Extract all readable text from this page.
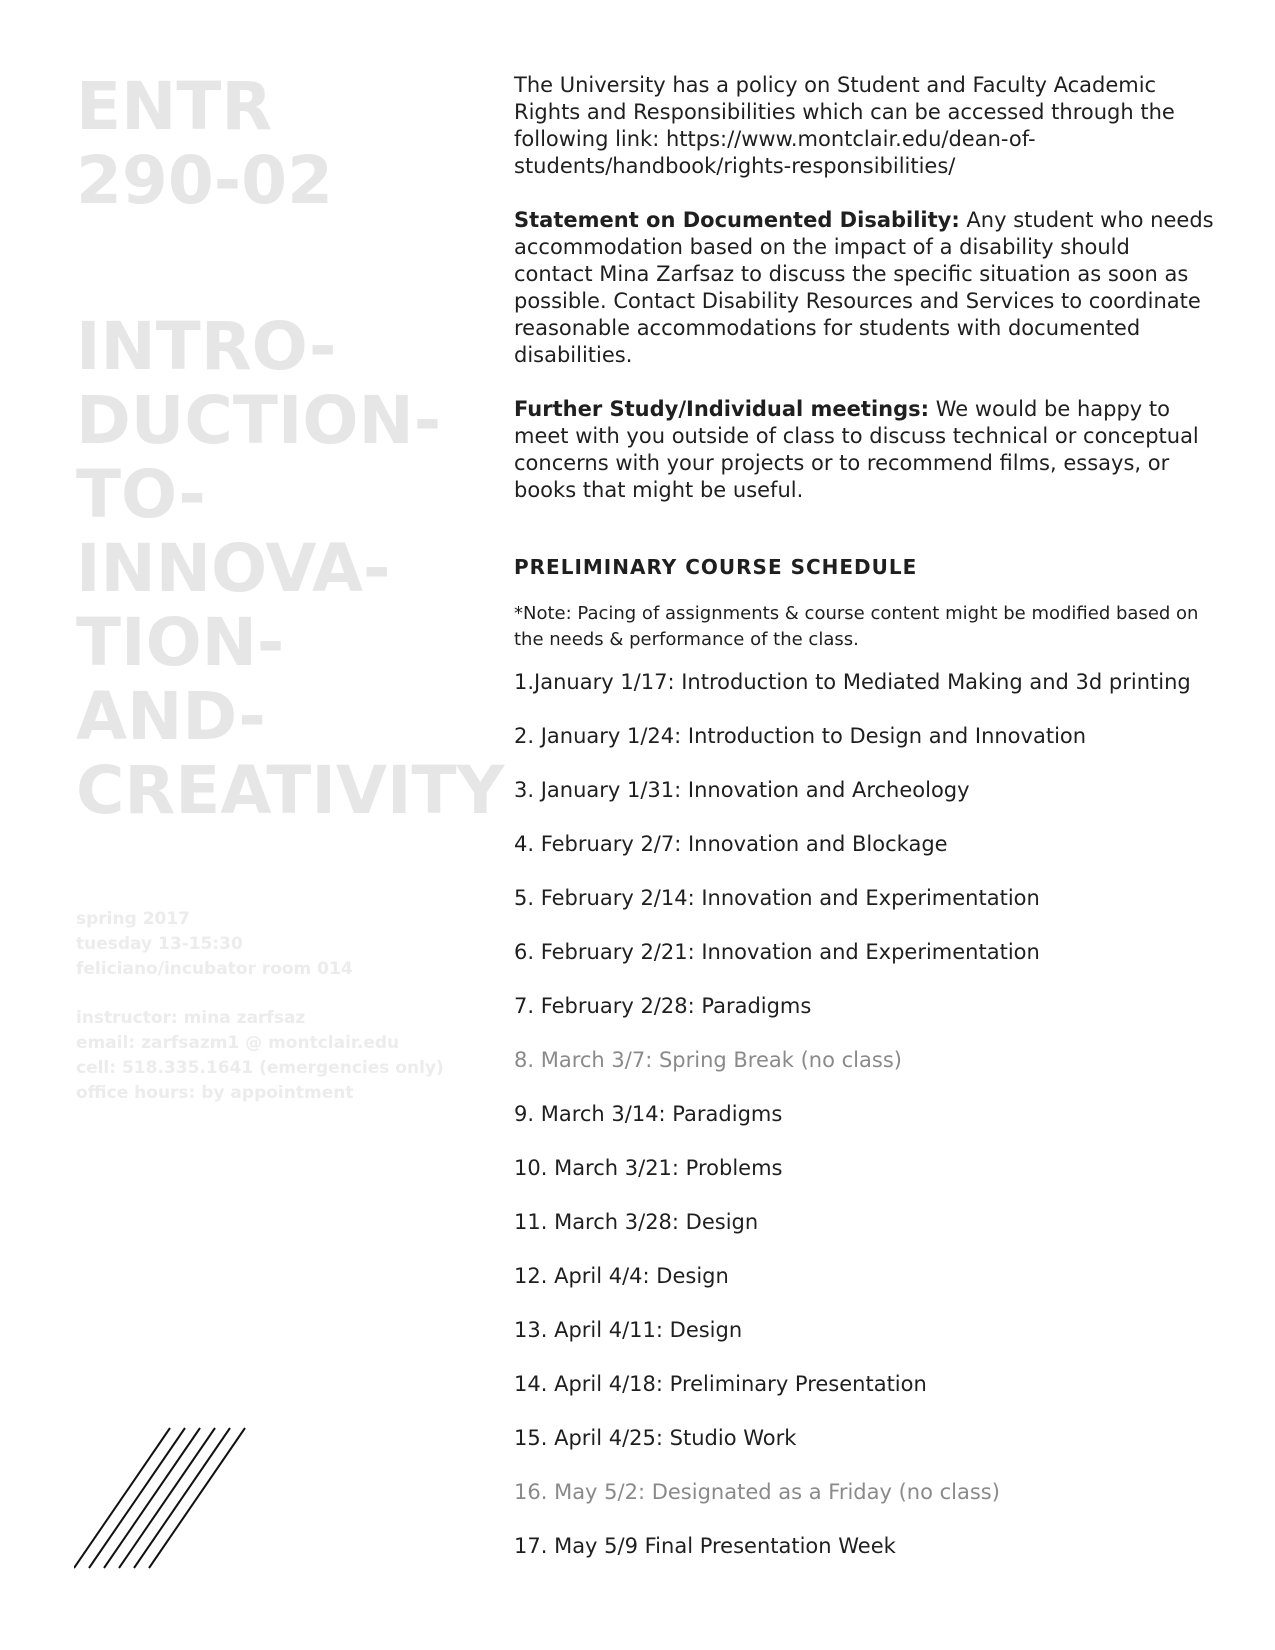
ENTR
290-02
INTRO-
DUCTION-
TO-
INNOVA-
TION-
AND-
CREATIVITY
spring 2017
tuesday 13-15:30
feliciano/incubator room 014
instructor: mina zarfsaz
email: zarfsazm1 @ montclair.edu
cell: 518.335.1641 (emergencies only)
office hours: by appointment

The University has a policy on Student and Faculty Academic Rights and Responsibilities which can be accessed through the following link: https://www.montclair.edu/dean-of-students/handbook/rights-responsibilities/

Statement on Documented Disability: Any student who needs accommodation based on the impact of a disability should contact Mina Zarfsaz to discuss the specific situation as soon as possible. Contact Disability Resources and Services to coordinate reasonable accommodations for students with documented disabilities.

Further Study/Individual meetings: We would be happy to meet with you outside of class to discuss technical or conceptual concerns with your projects or to recommend films, essays, or books that might be useful.

PRELIMINARY COURSE SCHEDULE
*Note: Pacing of assignments & course content might be modified based on the needs & performance of the class.
1.January 1/17: Introduction to Mediated Making and 3d printing
2. January 1/24: Introduction to Design and Innovation
3. January 1/31: Innovation and Archeology
4. February 2/7: Innovation and Blockage
5. February 2/14: Innovation and Experimentation
6. February 2/21: Innovation and Experimentation
7. February 2/28: Paradigms
8. March 3/7: Spring Break (no class)
9. March 3/14: Paradigms
10. March 3/21: Problems
11. March 3/28: Design
12. April 4/4: Design
13. April 4/11: Design
14. April 4/18: Preliminary Presentation
15. April 4/25: Studio Work
16. May 5/2: Designated as a Friday (no class)
17. May 5/9 Final Presentation Week
